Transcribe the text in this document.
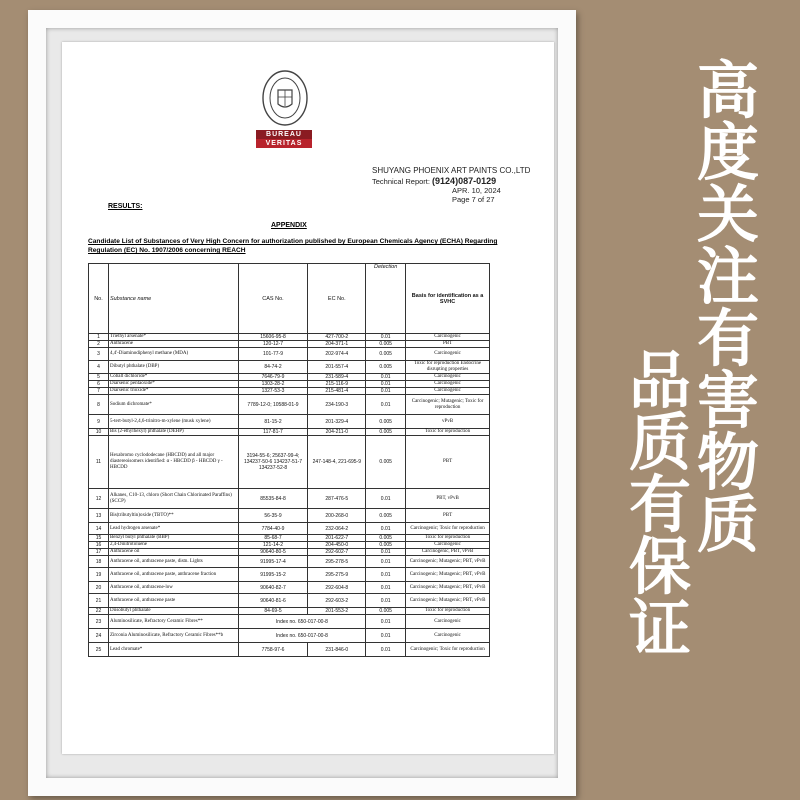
BUREAU
VERITAS
SHUYANG PHOENIX ART PAINTS CO.,LTD
Technical Report: (9124)087-0129
APR. 10, 2024
Page 7 of 27
RESULTS:
APPENDIX
Candidate List of Substances of Very High Concern for authorization published by European Chemicals Agency (ECHA) Regarding Regulation (EC) No. 1907/2006 concerning REACH
No.	Substance name	CAS No.	EC No.	Detection	Basis for identification as a SVHC
1	Triethyl arsenate*	15606-95-8	427-700-2	0.01	Carcinogenic
2	Anthracene	120-12-7	204-371-1	0.005	PBT
3	4,4'-Diaminodiphenyl methane (MDA)	101-77-9	202-974-4	0.005	Carcinogenic
4	Dibutyl phthalate (DBP)	84-74-2	201-557-4	0.005	Toxic for reproduction Endocrine disrupting properties
5	Cobalt dichloride*	7646-79-9	231-589-4	0.01	Carcinogenic
6	Diarsenic pentaoxide*	1303-28-2	215-116-9	0.01	Carcinogenic
7	Diarsenic trioxide*	1327-53-3	215-481-4	0.01	Carcinogenic
8	Sodium dichromate*	7789-12-0; 10588-01-9	234-190-3	0.01	Carcinogenic; Mutagenic; Toxic for reproduction
9	5-tert-butyl-2,4,6-trinitro-m-xylene (musk xylene)	81-15-2	201-329-4	0.005	vPvB
10	Bis (2-ethylhexyl) phthalate (DEHP)	117-81-7	204-211-0	0.005	Toxic for reproduction
11	Hexabromo cyclododecane (HBCDD) and all major diastereoisomers identified: α - HBCDD β - HBCDD γ - HBCDD	3194-55-6; 25637-99-4; 134237-50-6 134237-51-7 134237-52-8	247-148-4, 221-695-9	0.005	PBT
12	Alkanes, C10-13, chloro (Short Chain Chlorinated Paraffins) (SCCP)	85535-84-8	287-476-5	0.01	PBT, vPvB
13	Bis(tributyltin)oxide (TBTO)**	56-35-9	200-268-0	0.005	PBT
14	Lead hydrogen arsenate*	7784-40-9	232-064-2	0.01	Carcinogenic; Toxic for reproduction
15	Benzyl butyl phthalate (BBP)	85-68-7	201-622-7	0.005	Toxic for reproduction
16	2,4-Dinitrotoluene	121-14-2	204-450-0	0.005	Carcinogenic
17	Anthracene oil	90640-80-5	292-602-7	0.01	Carcinogenic, PBT, vPvB
18	Anthracene oil, anthracene paste, distn. Lights	91995-17-4	295-278-5	0.01	Carcinogenic; Mutagenic; PBT, vPvB
19	Anthracene oil, anthracene paste, anthracene fraction	91995-15-2	295-275-9	0.01	Carcinogenic; Mutagenic; PBT, vPvB
20	Anthracene oil, anthracene-low	90640-82-7	292-604-8	0.01	Carcinogenic; Mutagenic; PBT, vPvB
21	Anthracene oil, anthracene paste	90640-81-6	292-603-2	0.01	Carcinogenic; Mutagenic; PBT, vPvB
22	Diisobutyl phthalate	84-69-5	201-553-2	0.005	Toxic for reproduction
23	Aluminosilicate, Refractory Ceramic Fibres**	Index no. 650-017-00-8		0.01	Carcinogenic
24	Zirconia Aluminosilicate, Refractory Ceramic Fibres**b	Index no. 650-017-00-8		0.01	Carcinogenic
25	Lead chromate*	7758-97-6	231-846-0	0.01	Carcinogenic; Toxic for reproduction
高度关注有害物质
品质有保证
